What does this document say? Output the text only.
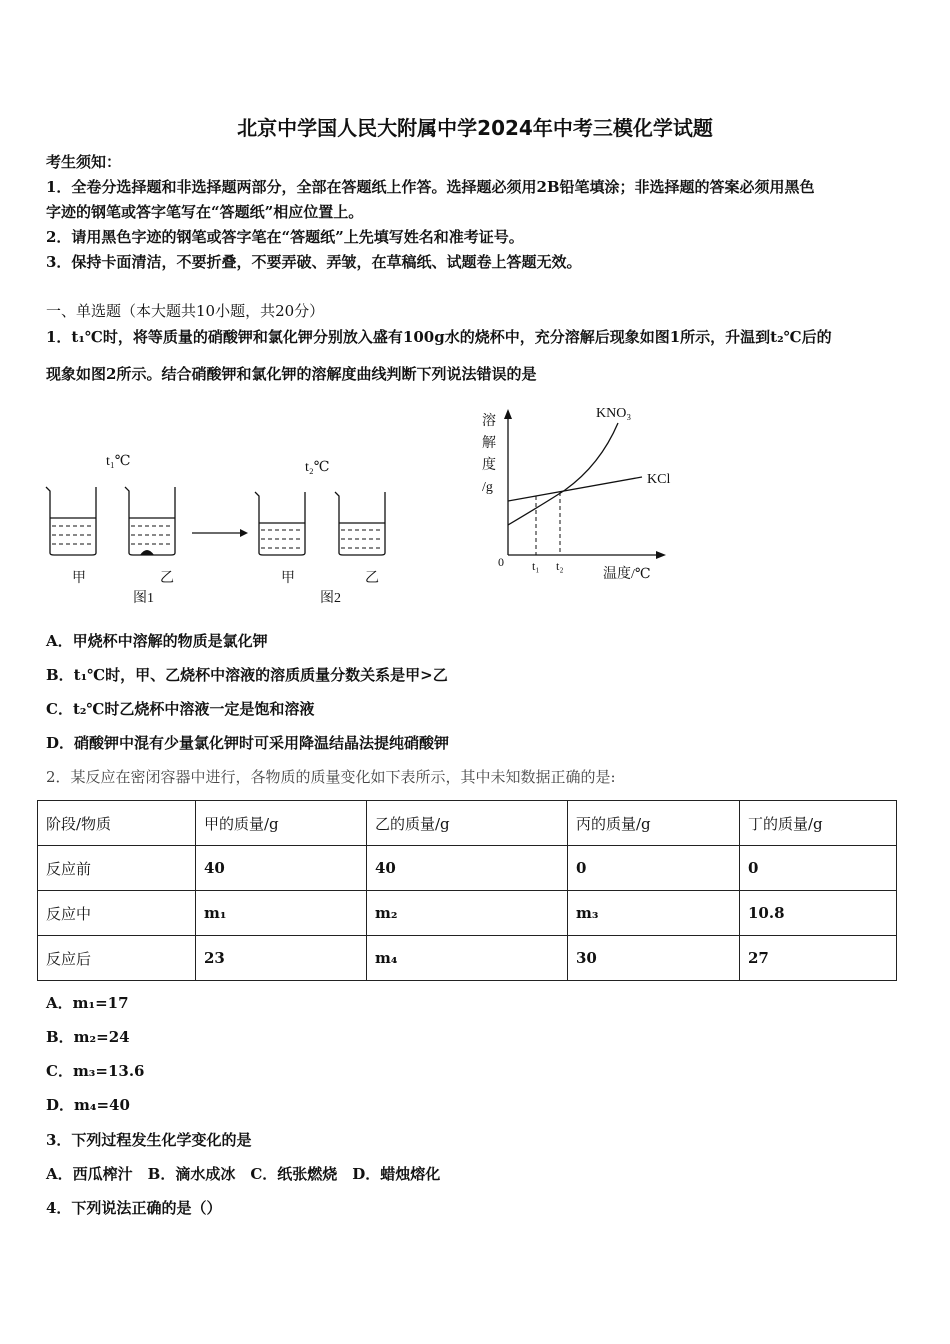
北京中学国人民大附属中学2024年中考三模化学试题
考生须知：
1．全卷分选择题和非选择题两部分，全部在答题纸上作答。选择题必须用2B铅笔填涂；非选择题的答案必须用黑色
字迹的钢笔或答字笔写在“答题纸”相应位置上。
2．请用黑色字迹的钢笔或答字笔在“答题纸”上先填写姓名和准考证号。
3．保持卡面清洁，不要折叠，不要弄破、弄皱，在草稿纸、试题卷上答题无效。
一、单选题（本大题共10小题，共20分）
1．t₁℃时，将等质量的硝酸钾和氯化钾分别放入盛有100g水的烧杯中，充分溶解后现象如图1所示，升温到t₂℃后的
现象如图2所示。结合硝酸钾和氯化钾的溶解度曲线判断下列说法错误的是
t₁℃	t₂℃
甲	乙	甲	乙
图1	图2
溶
解
度
/g
KNO₃
KCl
0 t₁ t₂
温度/℃
A．甲烧杯中溶解的物质是氯化钾
B．t₁℃时，甲、乙烧杯中溶液的溶质质量分数关系是甲>乙
C．t₂℃时乙烧杯中溶液一定是饱和溶液
D．硝酸钾中混有少量氯化钾时可采用降温结晶法提纯硝酸钾
2．某反应在密闭容器中进行，各物质的质量变化如下表所示，其中未知数据正确的是:
阶段/物质	甲的质量/g	乙的质量/g	丙的质量/g	丁的质量/g
反应前	40	40	0	0
反应中	m₁	m₂	m₃	10.8
反应后	23	m₄	30	27
A．m₁=17
B．m₂=24
C．m₃=13.6
D．m₄=40
3．下列过程发生化学变化的是
A．西瓜榨汁　B．滴水成冰　C．纸张燃烧　D．蜡烛熔化
4．下列说法正确的是（）
